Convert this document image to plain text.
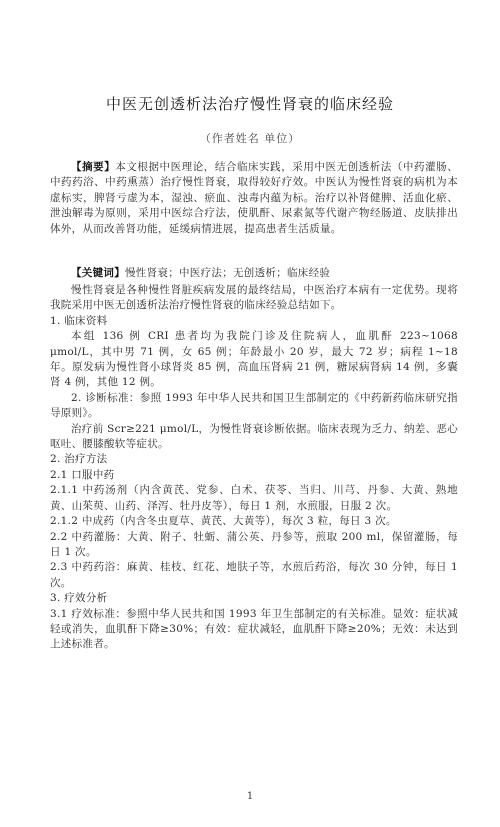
中医无创透析法治疗慢性肾衰的临床经验
（作者姓名 单位）

【摘要】本文根据中医理论，结合临床实践，采用中医无创透析法（中药灌肠、中药药浴、中药熏蒸）治疗慢性肾衰，取得较好疗效。中医认为慢性肾衰的病机为本虚标实，脾肾亏虚为本，湿浊、瘀血、浊毒内蕴为标。治疗以补肾健脾、活血化瘀、泄浊解毒为原则，采用中医综合疗法，使肌酐、尿素氮等代谢产物经肠道、皮肤排出体外，从而改善肾功能，延缓病情进展，提高患者生活质量。

【关键词】慢性肾衰；中医疗法；无创透析；临床经验

慢性肾衰是各种慢性肾脏疾病发展的最终结局，中医治疗本病有一定优势。现将我院采用中医无创透析法治疗慢性肾衰的临床经验总结如下。

1. 临床资料

本组 136 例 CRI 患者均为我院门诊及住院病人，血肌酐 223~1068 μmol/L，其中男 71 例，女 65 例；年龄最小 20 岁，最大 72 岁；病程 1~18 年。原发病为慢性肾小球肾炎 85 例，高血压肾病 21 例，糖尿病肾病 14 例，多囊肾 4 例，其他 12 例。

2. 诊断标准：参照 1993 年中华人民共和国卫生部制定的《中药新药临床研究指导原则》。

治疗前 Scr≥221 μmol/L，为慢性肾衰诊断依据。临床表现为乏力、纳差、恶心呕吐、腰膝酸软等症状。

2. 治疗方法

2.1 口服中药

2.1.1 中药汤剂（内含黄芪、党参、白术、茯苓、当归、川芎、丹参、大黄、熟地黄、山茱萸、山药、泽泻、牡丹皮等），每日 1 剂，水煎服，日服 2 次。

2.1.2 中成药（内含冬虫夏草、黄芪、大黄等），每次 3 粒，每日 3 次。

2.2 中药灌肠：大黄、附子、牡蛎、蒲公英、丹参等，煎取 200 ml，保留灌肠，每日 1 次。

2.3 中药药浴：麻黄、桂枝、红花、地肤子等，水煎后药浴，每次 30 分钟，每日 1 次。

3. 疗效分析

3.1 疗效标准：参照中华人民共和国 1993 年卫生部制定的有关标准。显效：症状减轻或消失，血肌酐下降≥30%；有效：症状减轻，血肌酐下降≥20%；无效：未达到上述标准者。

1
